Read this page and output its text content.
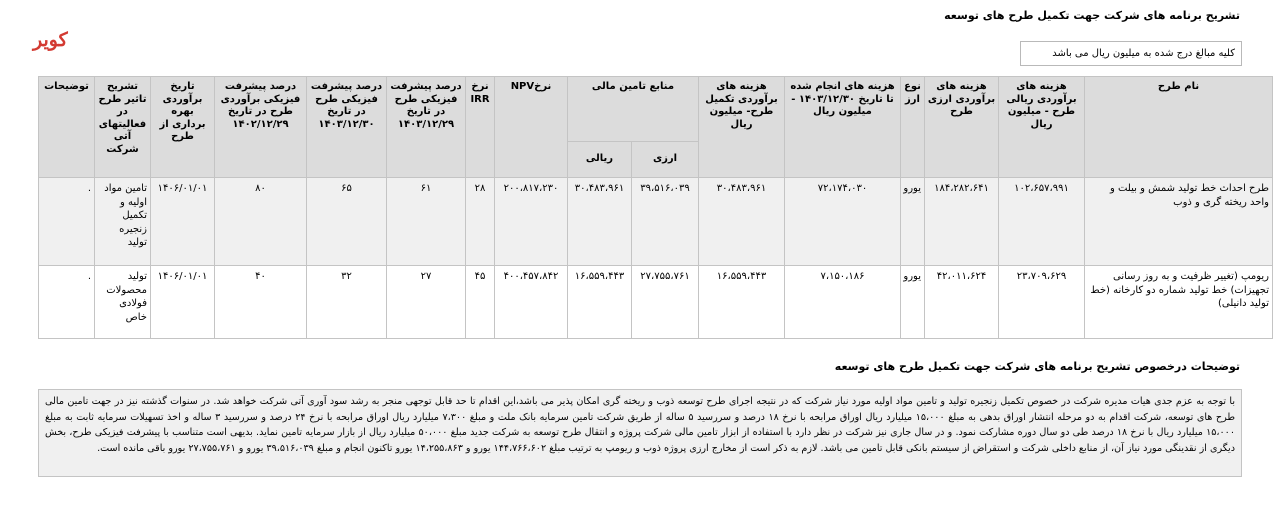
تشریح برنامه های شرکت جهت تکمیل طرح های توسعه
کویر
کلیه مبالغ درج شده به میلیون ریال می باشد
نام طرح	هزینه های برآوردی ریالی طرح - میلیون ریال	هزینه های برآوردی ارزی طرح	نوع ارز	هزینه های انجام شده تا تاریخ ۱۴۰۳/۱۲/۳۰ - میلیون ریال	هزینه های برآوردی تکمیل طرح- میلیون ریال	منابع تامین مالی		نرخNPV	نرخ IRR	درصد پیشرفت فیزیکی طرح در تاریخ ۱۴۰۳/۱۲/۲۹	درصد پیشرفت فیزیکی طرح در تاریخ ۱۴۰۳/۱۲/۳۰	درصد پیشرفت فیزیکی برآوردی طرح در تاریخ ۱۴۰۲/۱۲/۲۹	تاریخ برآوردی بهره برداری از طرح	تشریح تاثیر طرح در فعالیتهای آتی شرکت	توضیحات
						ارزی	ریالی								
طرح احداث خط تولید شمش و بیلت و واحد ریخته گری و ذوب	۱۰۲،۶۵۷،۹۹۱	۱۸۴،۲۸۲،۶۴۱	یورو	۷۲،۱۷۴،۰۳۰	۳۰،۴۸۳،۹۶۱	۳۹،۵۱۶،۰۳۹	۳۰،۴۸۳،۹۶۱	۲۰۰،۸۱۷،۲۳۰	۲۸	۶۱	۶۵	۸۰	۱۴۰۶/۰۱/۰۱	تامین مواد اولیه و تکمیل زنجیره تولید	.
ریومپ (تغییر ظرفیت و به روز رسانی تجهیزات) خط تولید شماره دو کارخانه (خط تولید دانیلی)	۲۳،۷۰۹،۶۲۹	۴۲،۰۱۱،۶۲۴	یورو	۷،۱۵۰،۱۸۶	۱۶،۵۵۹،۴۴۳	۲۷،۷۵۵،۷۶۱	۱۶،۵۵۹،۴۴۳	۴۰۰،۴۵۷،۸۴۲	۴۵	۲۷	۳۲	۴۰	۱۴۰۶/۰۱/۰۱	تولید محصولات فولادی خاص	.
توضیحات درخصوص تشریح برنامه های شرکت جهت تکمیل طرح های توسعه
با توجه به عزم جدی هیات مدیره شرکت در خصوص تکمیل زنجیره تولید و تامین مواد اولیه مورد نیاز شرکت که در نتیجه اجرای طرح توسعه ذوب و ریخته گری امکان پذیر می باشد،این اقدام تا حد قابل توجهی منجر به رشد سود آوری آتی شرکت خواهد شد. در سنوات گذشته نیز در جهت تامین مالی طرح های توسعه، شرکت اقدام به دو مرحله انتشار اوراق بدهی به مبلغ ۱۵،۰۰۰ میلیارد ریال اوراق مرابحه با نرخ ۱۸ درصد و سررسید ۵ ساله از طریق شرکت تامین سرمایه بانک ملت و مبلغ ۷،۳۰۰ میلیارد ریال اوراق مرابحه با نرخ ۲۴ درصد و سررسید ۳ ساله و اخذ تسهیلات سرمایه ثابت به مبلغ ۱۵،۰۰۰ میلیارد ریال با نرخ ۱۸ درصد طی دو سال دوره مشارکت نمود. و در سال جاری نیز شرکت در نظر دارد با استفاده از ابزار تامین مالی شرکت پروژه و انتقال طرح توسعه به شرکت جدید مبلغ ۵۰،۰۰۰ میلیارد ریال از بازار سرمایه تامین نماید. بدیهی است متناسب با پیشرفت فیزیکی طرح، بخش دیگری از نقدینگی مورد نیاز آن، از منابع داخلی شرکت و استقراض از سیستم بانکی قابل تامین می باشد. لازم به ذکر است از مخارج ارزی پروژه ذوب و ریومپ به ترتیب مبلغ ۱۴۴،۷۶۶،۶۰۲ یورو و ۱۴،۲۵۵،۸۶۳ یورو تاکنون انجام و مبلغ ۳۹،۵۱۶،۰۳۹ یورو و ۲۷،۷۵۵،۷۶۱ یورو باقی مانده است.
